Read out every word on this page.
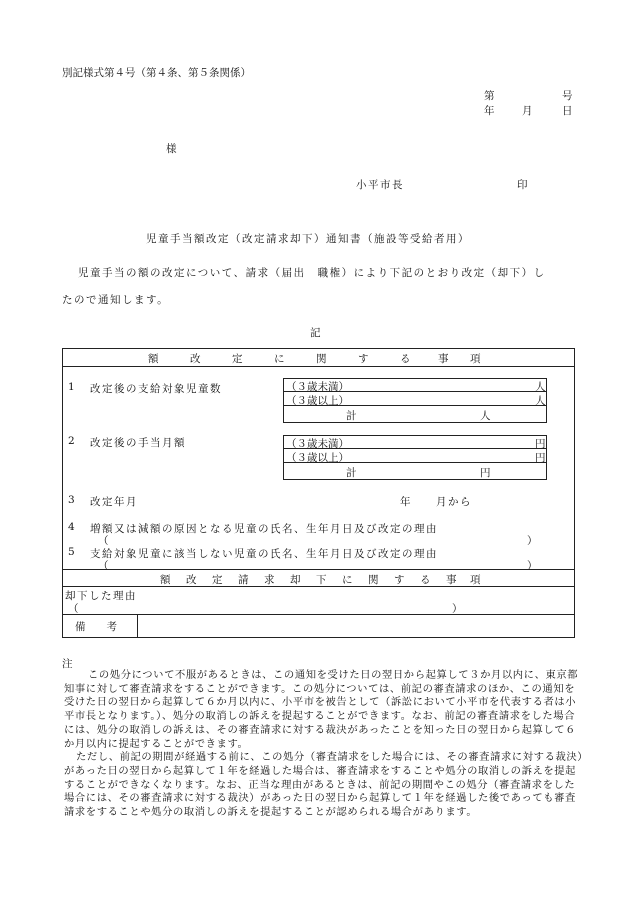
別記様式第４号（第４条、第５条関係）
第	号
年	月	日
様
小平市長	印
児童手当額改定（改定請求却下）通知書（施設等受給者用）
児童手当の額の改定について、請求（届出　職権）により下記のとおり改定（却下）し
たので通知します。
記
額	改	定	に	関	す	る	事 項
1 改定後の支給対象児童数	（３歳未満）	人
（３歳以上）	人
計	人
2 改定後の手当月額	（３歳未満）	円
（３歳以上）	円
計	円
3 改定年月	年 月から
4 増額又は減額の原因となる児童の氏名、生年月日及び改定の理由
（	）
5 支給対象児童に該当しない児童の氏名、生年月日及び改定の理由
（	）
額 改 定 請 求 却 下 に 関 す る 事 項
却下した理由
（	）
備　　考
注

この処分について不服があるときは、この通知を受けた日の翌日から起算して３か月以内に、東京都知事に対して審査請求をすることができます。この処分については、前記の審査請求のほか、この通知を受けた日の翌日から起算して６か月以内に、小平市を被告として（訴訟において小平市を代表する者は小平市長となります。）、処分の取消しの訴えを提起することができます。なお、前記の審査請求をした場合には、処分の取消しの訴えは、その審査請求に対する裁決があったことを知った日の翌日から起算して６か月以内に提起することができます。

ただし、前記の期間が経過する前に、この処分（審査請求をした場合には、その審査請求に対する裁決）があった日の翌日から起算して１年を経過した場合は、審査請求をすることや処分の取消しの訴えを提起することができなくなります。なお、正当な理由があるときは、前記の期間やこの処分（審査請求をした場合には、その審査請求に対する裁決）があった日の翌日から起算して１年を経過した後であっても審査請求をすることや処分の取消しの訴えを提起することが認められる場合があります。
